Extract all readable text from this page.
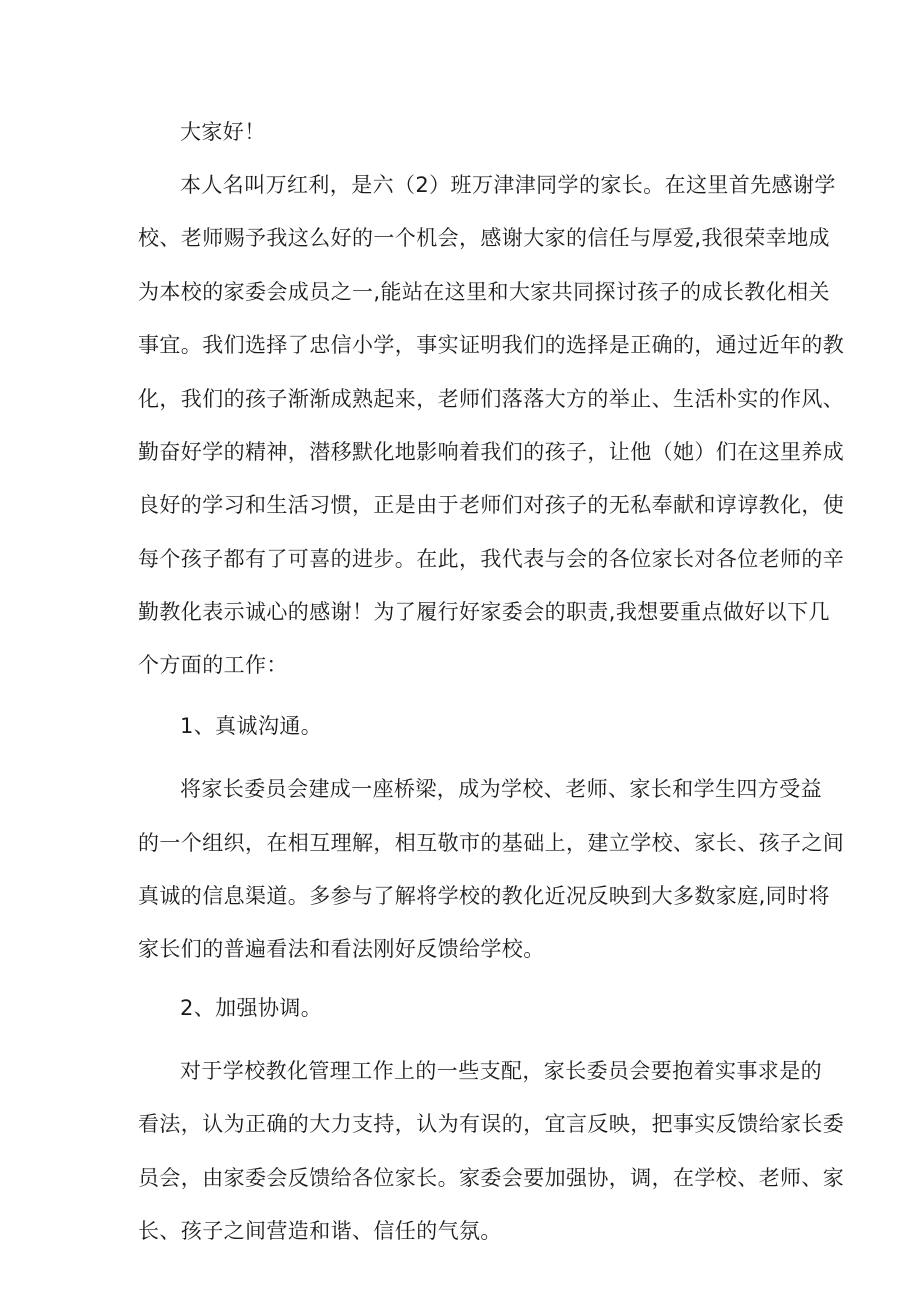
大家好！
本人名叫万红利，是六（2）班万津津同学的家长。在这里首先感谢学
校、老师赐予我这么好的一个机会，感谢大家的信任与厚爱,我很荣幸地成
为本校的家委会成员之一,能站在这里和大家共同探讨孩子的成长教化相关
事宜。我们选择了忠信小学，事实证明我们的选择是正确的，通过近年的教
化，我们的孩子渐渐成熟起来，老师们落落大方的举止、生活朴实的作风、
勤奋好学的精神，潜移默化地影响着我们的孩子，让他（她）们在这里养成
良好的学习和生活习惯，正是由于老师们对孩子的无私奉献和谆谆教化，使
每个孩子都有了可喜的进步。在此，我代表与会的各位家长对各位老师的辛
勤教化表示诚心的感谢！为了履行好家委会的职责,我想要重点做好以下几
个方面的工作：
1、真诚沟通。
将家长委员会建成一座桥梁，成为学校、老师、家长和学生四方受益
的一个组织，在相互理解，相互敬市的基础上，建立学校、家长、孩子之间
真诚的信息渠道。多参与了解将学校的教化近况反映到大多数家庭,同时将
家长们的普遍看法和看法刚好反馈给学校。
2、加强协调。
对于学校教化管理工作上的一些支配，家长委员会要抱着实事求是的
看法，认为正确的大力支持，认为有误的，宜言反映，把事实反馈给家长委
员会，由家委会反馈给各位家长。家委会要加强协，调，在学校、老师、家
长、孩子之间营造和谐、信任的气氛。
